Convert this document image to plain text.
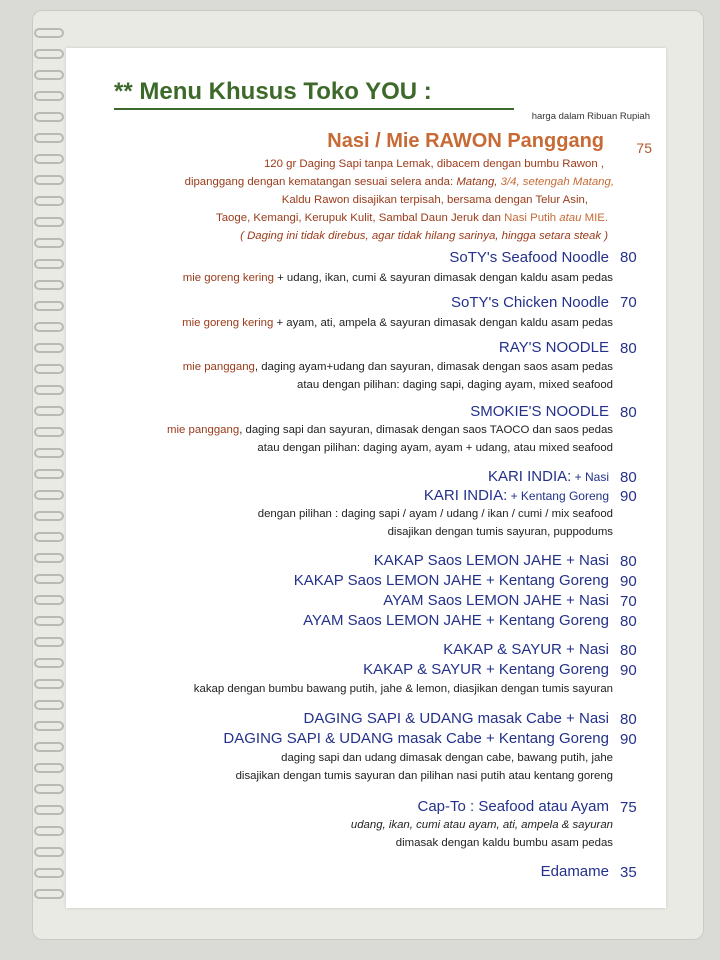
** Menu Khusus Toko YOU :
harga dalam Ribuan Rupiah
Nasi / Mie RAWON Panggang 75
120 gr Daging Sapi tanpa Lemak, dibacem dengan bumbu Rawon ,
dipanggang dengan kematangan sesuai selera anda: Matang, 3/4, setengah Matang,
Kaldu Rawon disajikan terpisah, bersama dengan Telur Asin,
Taoge, Kemangi, Kerupuk Kulit, Sambal Daun Jeruk dan Nasi Putih atau MIE.
( Daging ini tidak direbus, agar tidak hilang sarinya, hingga setara steak )
SoTY's Seafood Noodle 80
mie goreng kering + udang, ikan, cumi & sayuran dimasak dengan kaldu asam pedas
SoTY's Chicken Noodle 70
mie goreng kering + ayam, ati, ampela & sayuran dimasak dengan kaldu asam pedas
RAY'S NOODLE 80
mie panggang, daging ayam+udang dan sayuran, dimasak dengan saos asam pedas
atau dengan pilihan: daging sapi, daging ayam, mixed seafood
SMOKIE'S NOODLE 80
mie panggang, daging sapi dan sayuran, dimasak dengan saos TAOCO dan saos pedas
atau dengan pilihan: daging ayam, ayam + udang, atau mixed seafood
KARI INDIA: + Nasi 80
KARI INDIA: + Kentang Goreng 90
dengan pilihan : daging sapi / ayam / udang / ikan / cumi / mix seafood
disajikan dengan tumis sayuran, puppodums
KAKAP Saos LEMON JAHE + Nasi 80
KAKAP Saos LEMON JAHE + Kentang Goreng 90
AYAM Saos LEMON JAHE + Nasi 70
AYAM Saos LEMON JAHE + Kentang Goreng 80
KAKAP & SAYUR + Nasi 80
KAKAP & SAYUR + Kentang Goreng 90
kakap dengan bumbu bawang putih, jahe & lemon, diasjikan dengan tumis sayuran
DAGING SAPI & UDANG masak Cabe + Nasi 80
DAGING SAPI & UDANG masak Cabe + Kentang Goreng 90
daging sapi dan udang dimasak dengan cabe, bawang putih, jahe
disajikan dengan tumis sayuran dan pilihan nasi putih atau kentang goreng
Cap-To : Seafood atau Ayam 75
udang, ikan, cumi atau ayam, ati, ampela & sayuran
dimasak dengan kaldu bumbu asam pedas
Edamame 35
